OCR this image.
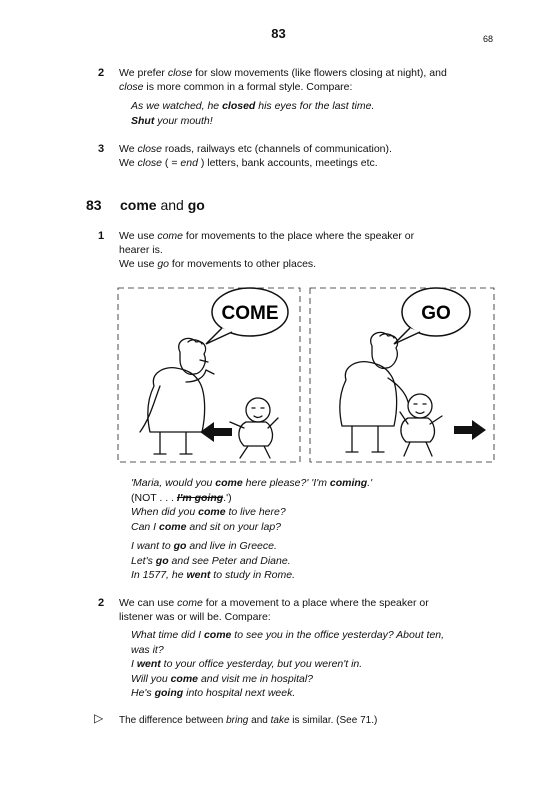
83	68
2 We prefer close for slow movements (like flowers closing at night), and
close is more common in a formal style. Compare:
As we watched, he closed his eyes for the last time.
Shut your mouth!
3 We close roads, railways etc (channels of communication).
We close ( = end ) letters, bank accounts, meetings etc.
83 come and go
1 We use come for movements to the place where the speaker or
hearer is.
We use go for movements to other places.
COME	GO
'Maria, would you come here please?' 'I'm coming.'
(NOT . . . I'm going.')
When did you come to live here?
Can I come and sit on your lap?
I want to go and live in Greece.
Let's go and see Peter and Diane.
In 1577, he went to study in Rome.
2 We can use come for a movement to a place where the speaker or
listener was or will be. Compare:
What time did I come to see you in the office yesterday? About ten,
was it?
I went to your office yesterday, but you weren't in.
Will you come and visit me in hospital?
He's going into hospital next week.
▷ The difference between bring and take is similar. (See 71.)
